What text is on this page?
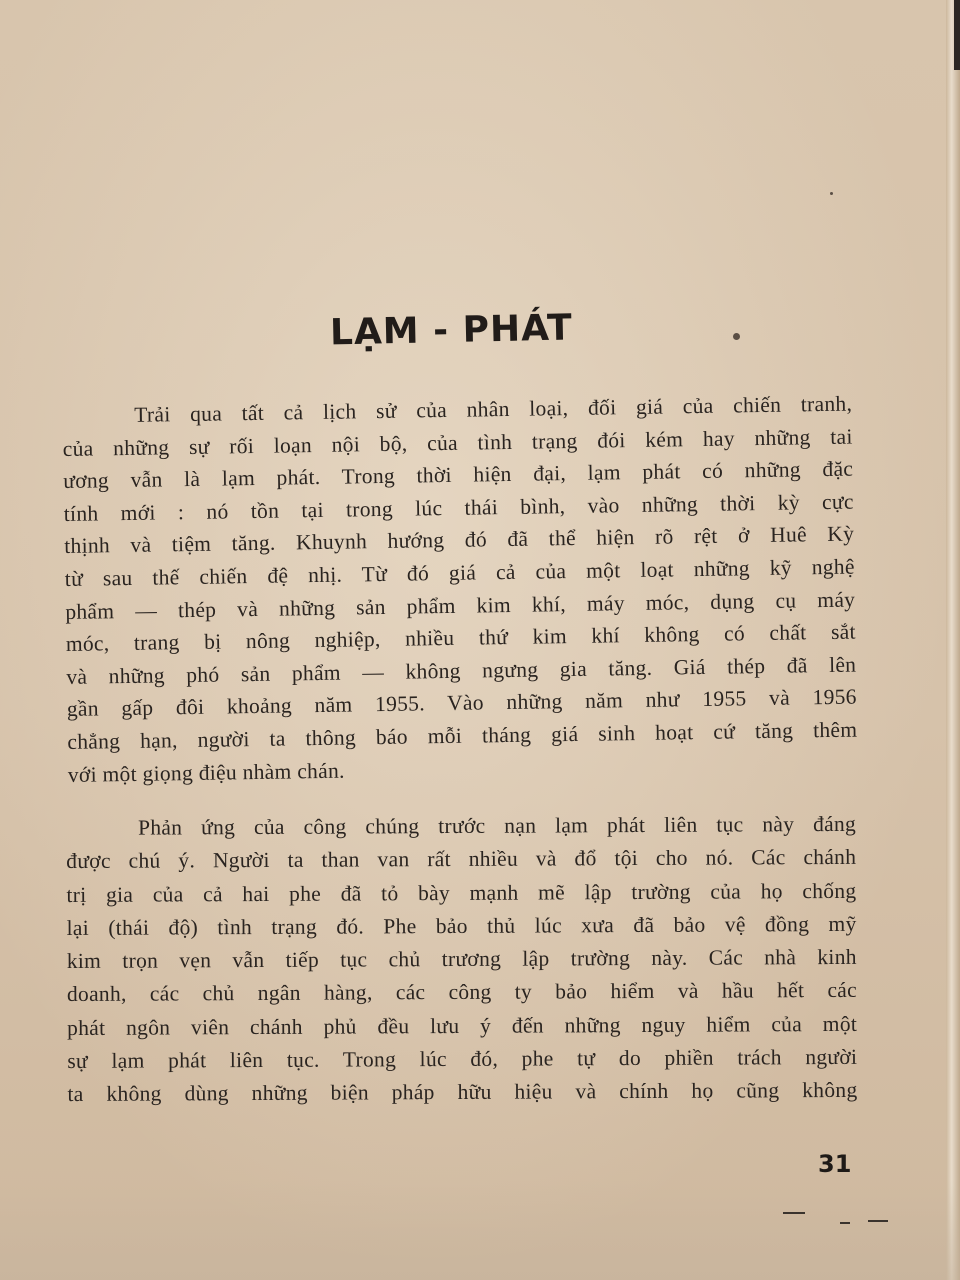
LẠM - PHÁT
Trải qua tất cả lịch sử của nhân loại, đối giá của chiến tranh,
của những sự rối loạn nội bộ, của tình trạng đói kém hay những tai
ương vẫn là lạm phát. Trong thời hiện đại, lạm phát có những đặc
tính mới : nó tồn tại trong lúc thái bình, vào những thời kỳ cực
thịnh và tiệm tăng. Khuynh hướng đó đã thể hiện rõ rệt ở Huê Kỳ
từ sau thế chiến đệ nhị. Từ đó giá cả của một loạt những kỹ nghệ
phẩm — thép và những sản phẩm kim khí, máy móc, dụng cụ máy
móc, trang bị nông nghiệp, nhiều thứ kim khí không có chất sắt
và những phó sản phẩm — không ngưng gia tăng. Giá thép đã lên
gần gấp đôi khoảng năm 1955. Vào những năm như 1955 và 1956
chẳng hạn, người ta thông báo mỗi tháng giá sinh hoạt cứ tăng thêm
với một giọng điệu nhàm chán.
Phản ứng của công chúng trước nạn lạm phát liên tục này đáng
được chú ý. Người ta than van rất nhiều và đổ tội cho nó. Các chánh
trị gia của cả hai phe đã tỏ bày mạnh mẽ lập trường của họ chống
lại (thái độ) tình trạng đó. Phe bảo thủ lúc xưa đã bảo vệ đồng mỹ
kim trọn vẹn vẫn tiếp tục chủ trương lập trường này. Các nhà kinh
doanh, các chủ ngân hàng, các công ty bảo hiểm và hầu hết các
phát ngôn viên chánh phủ đều lưu ý đến những nguy hiểm của một
sự lạm phát liên tục. Trong lúc đó, phe tự do phiền trách người
ta không dùng những biện pháp hữu hiệu và chính họ cũng không
31
